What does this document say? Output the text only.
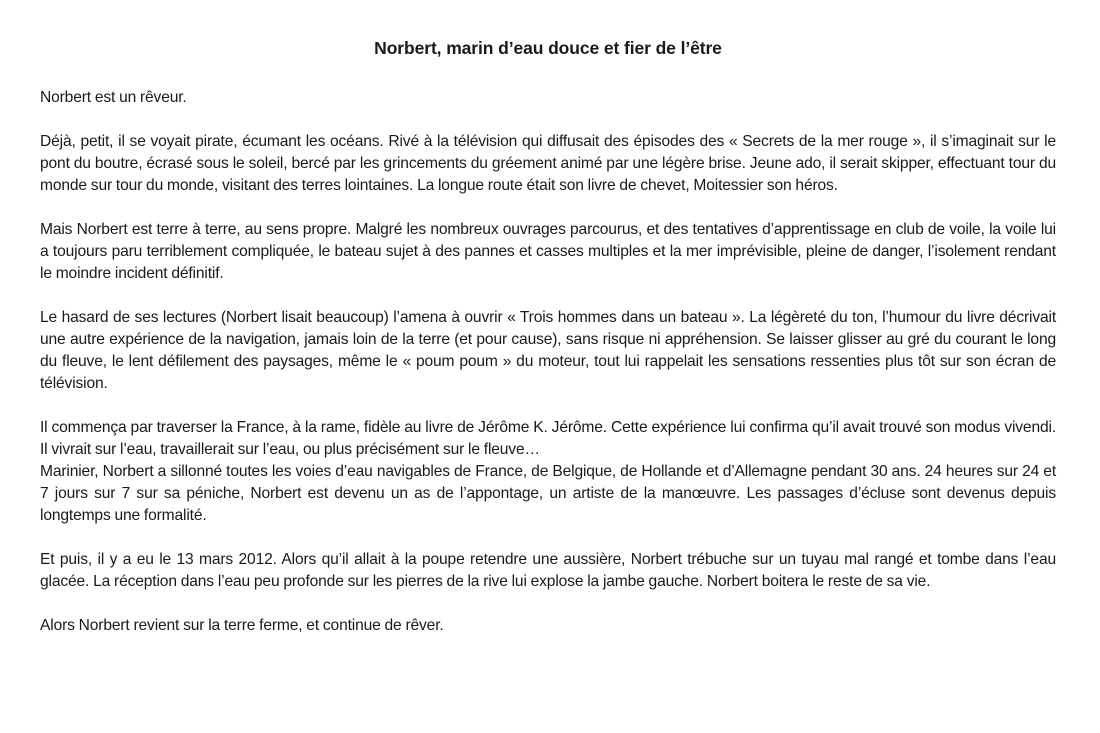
Norbert, marin d’eau douce et fier de l’être

Norbert est un rêveur.

Déjà, petit, il se voyait pirate, écumant les océans. Rivé à la télévision qui diffusait des épisodes des « Secrets de la mer rouge », il s’imaginait sur le pont du boutre, écrasé sous le soleil, bercé par les grincements du gréement animé par une légère brise. Jeune ado, il serait skipper, effectuant tour du monde sur tour du monde, visitant des terres lointaines. La longue route était son livre de chevet, Moitessier son héros.

Mais Norbert est terre à terre, au sens propre. Malgré les nombreux ouvrages parcourus, et des tentatives d’apprentissage en club de voile, la voile lui a toujours paru terriblement compliquée, le bateau sujet à des pannes et casses multiples et la mer imprévisible, pleine de danger, l’isolement rendant le moindre incident définitif.

Le hasard de ses lectures (Norbert lisait beaucoup) l’amena à ouvrir « Trois hommes dans un bateau ». La légèreté du ton, l’humour du livre décrivait une autre expérience de la navigation, jamais loin de la terre (et pour cause), sans risque ni appréhension. Se laisser glisser au gré du courant le long du fleuve, le lent défilement des paysages, même le « poum poum » du moteur, tout lui rappelait les sensations ressenties plus tôt sur son écran de télévision.

Il commença par traverser la France, à la rame, fidèle au livre de Jérôme K. Jérôme. Cette expérience lui confirma qu’il avait trouvé son modus vivendi. Il vivrait sur l’eau, travaillerait sur l’eau, ou plus précisément sur le fleuve…

Marinier, Norbert a sillonné toutes les voies d’eau navigables de France, de Belgique, de Hollande et d’Allemagne pendant 30 ans. 24 heures sur 24 et 7 jours sur 7 sur sa péniche, Norbert est devenu un as de l’appontage, un artiste de la manœuvre. Les passages d’écluse sont devenus depuis longtemps une formalité.

Et puis, il y a eu le 13 mars 2012. Alors qu’il allait à la poupe retendre une aussière, Norbert trébuche sur un tuyau mal rangé et tombe dans l’eau glacée. La réception dans l’eau peu profonde sur les pierres de la rive lui explose la jambe gauche. Norbert boitera le reste de sa vie.

Alors Norbert revient sur la terre ferme, et continue de rêver.
